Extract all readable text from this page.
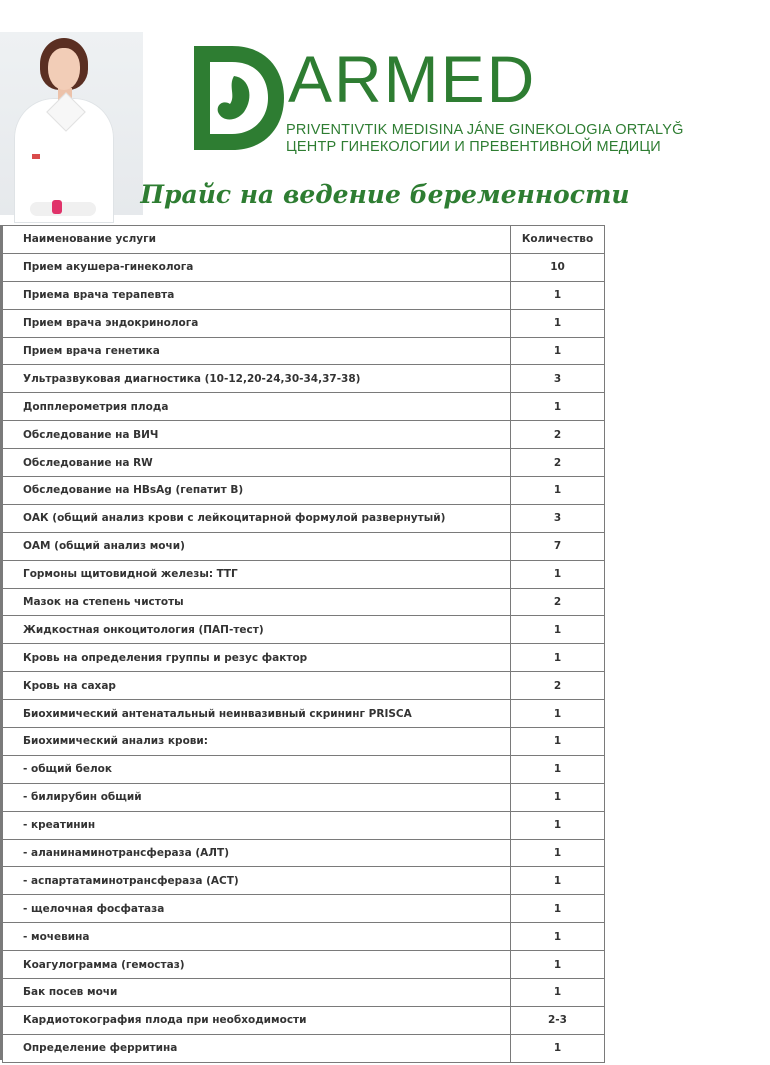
ARMED
PRIVENTIVTIK MEDISINA JÁNE GINEKOLOGIA ORTALYĞ
ЦЕНТР ГИНЕКОЛОГИИ И ПРЕВЕНТИВНОЙ МЕДИЦИ
Прайс на ведение беременности
Наименование услуги	Количество
Прием акушера-гинеколога	10
Приема врача терапевта	1
Прием врача эндокринолога	1
Прием врача генетика	1
Ультразвуковая диагностика (10-12,20-24,30-34,37-38)	3
Допплерометрия плода	1
Обследование на ВИЧ	2
Обследование на RW	2
Обследование на HBsAg (гепатит В)	1
ОАК (общий анализ крови с лейкоцитарной формулой развернутый)	3
ОАМ (общий анализ мочи)	7
Гормоны щитовидной железы: ТТГ	1
Мазок на степень чистоты	2
Жидкостная онкоцитология (ПАП-тест)	1
Кровь на определения группы и резус фактор	1
Кровь на сахар	2
Биохимический антенатальный неинвазивный скрининг PRISCA	1
Биохимический анализ крови:	1
- общий белок	1
- билирубин общий	1
- креатинин	1
- аланинаминотрансфераза (АЛТ)	1
- аспартатаминотрансфераза (АСТ)	1
- щелочная фосфатаза	1
- мочевина	1
Коагулограмма (гемостаз)	1
Бак посев мочи	1
Кардиотокография плода при необходимости	2-3
Определение ферритина	1
